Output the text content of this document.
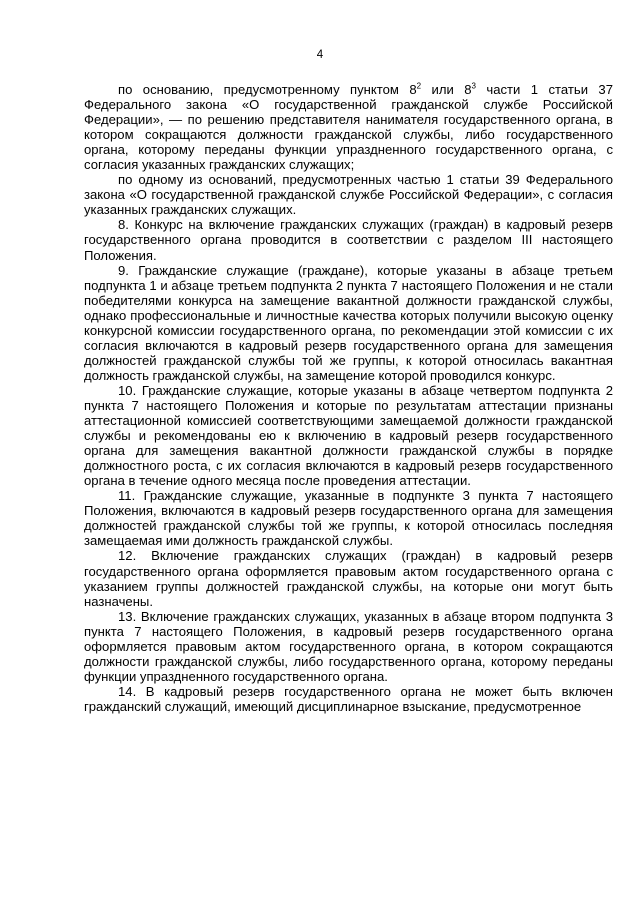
4

по основанию, предусмотренному пунктом $8^2$ или $8^3$ части 1 статьи 37 Федерального закона «О государственной гражданской службе Российской Федерации», — по решению представителя нанимателя государственного органа, в котором сокращаются должности гражданской службы, либо государственного органа, которому переданы функции упраздненного государственного органа, с согласия указанных гражданских служащих;

по одному из оснований, предусмотренных частью 1 статьи 39 Федерального закона «О государственной гражданской службе Российской Федерации», с согласия указанных гражданских служащих.

8. Конкурс на включение гражданских служащих (граждан) в кадровый резерв государственного органа проводится в соответствии с разделом III настоящего Положения.

9. Гражданские служащие (граждане), которые указаны в абзаце третьем подпункта 1 и абзаце третьем подпункта 2 пункта 7 настоящего Положения и не стали победителями конкурса на замещение вакантной должности гражданской службы, однако профессиональные и личностные качества которых получили высокую оценку конкурсной комиссии государственного органа, по рекомендации этой комиссии с их согласия включаются в кадровый резерв государственного органа для замещения должностей гражданской службы той же группы, к которой относилась вакантная должность гражданской службы, на замещение которой проводился конкурс.

10. Гражданские служащие, которые указаны в абзаце четвертом подпункта 2 пункта 7 настоящего Положения и которые по результатам аттестации признаны аттестационной комиссией соответствующими замещаемой должности гражданской службы и рекомендованы ею к включению в кадровый резерв государственного органа для замещения вакантной должности гражданской службы в порядке должностного роста, с их согласия включаются в кадровый резерв государственного органа в течение одного месяца после проведения аттестации.

11. Гражданские служащие, указанные в подпункте 3 пункта 7 настоящего Положения, включаются в кадровый резерв государственного органа для замещения должностей гражданской службы той же группы, к которой относилась последняя замещаемая ими должность гражданской службы.

12. Включение гражданских служащих (граждан) в кадровый резерв государственного органа оформляется правовым актом государственного органа с указанием группы должностей гражданской службы, на которые они могут быть назначены.

13. Включение гражданских служащих, указанных в абзаце втором подпункта 3 пункта 7 настоящего Положения, в кадровый резерв государственного органа оформляется правовым актом государственного органа, в котором сокращаются должности гражданской службы, либо государственного органа, которому переданы функции упраздненного государственного органа.

14. В кадровый резерв государственного органа не может быть включен гражданский служащий, имеющий дисциплинарное взыскание, предусмотренное
